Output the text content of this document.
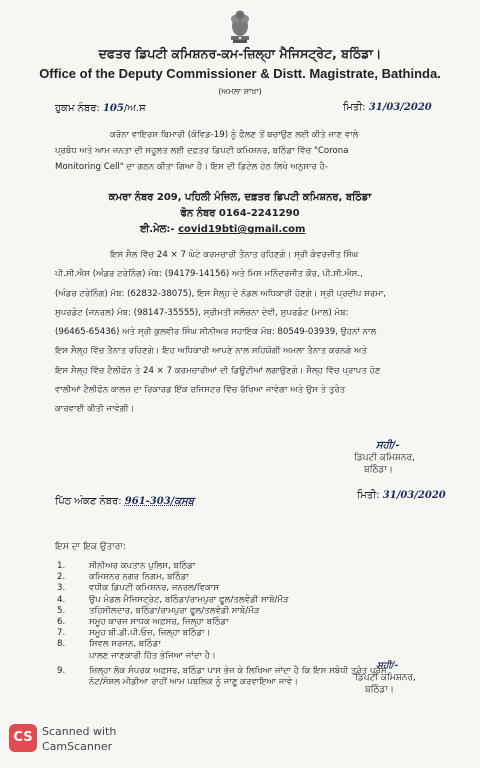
ਦਫਤਰ ਡਿਪਟੀ ਕਮਿਸ਼ਨਰ-ਕਮ-ਜ਼ਿਲ੍ਹਾ ਮੈਜਿਸਟ੍ਰੇਟ, ਬਠਿੰਡਾ।
Office of the Deputy Commissioner & Distt. Magistrate, Bathinda.
(ਅਮਲਾ ਸ਼ਾਖਾ)
ਹੁਕਮ ਨੰਬਰ: 105/ਅ.ਸ	ਮਿਤੀ: 31/03/2020
ਕਰੋਨਾ ਵਾਇਰਸ ਬਿਮਾਰੀ (ਕੋਵਿਡ-19) ਨੂੰ ਫੈਲਣ ਤੋਂ ਬਚਾਉਣ ਲਈ ਕੀਤੇ ਜਾਣ ਵਾਲੇ
ਪ੍ਰਬੰਧ ਅਤੇ ਆਮ ਜਨਤਾ ਦੀ ਸਹੂਲਤ ਲਈ ਦਫ਼ਤਰ ਡਿਪਟੀ ਕਮਿਸ਼ਨਰ, ਬਠਿੰਡਾ ਵਿੱਚ "Corona
Monitoring Cell" ਦਾ ਗਠਨ ਕੀਤਾ ਗਿਆ ਹੈ। ਇਸ ਦੀ ਡਿਟੇਲ ਹੇਠ ਲਿਖੇ ਅਨੁਸਾਰ ਹੈ-
ਕਮਰਾ ਨੰਬਰ 209, ਪਹਿਲੀ ਮੰਜ਼ਿਲ, ਦਫ਼ਤਰ ਡਿਪਟੀ ਕਮਿਸ਼ਨਰ, ਬਠਿੰਡਾ
ਫੋਨ ਨੰਬਰ 0164-2241290
ਈ.ਮੇਲ:- covid19bti@gmail.com
ਇਸ ਸੈਲ ਵਿੱਚ 24 × 7 ਘੰਟੇ ਕਰਮਚਾਰੀ ਤੈਨਾਤ ਰਹਿਣਗੇ। ਸ੍ਰੀ ਕੰਵਰਜੀਤ ਸਿੰਘ
ਪੀ.ਸੀ.ਐਸ (ਅੰਡਰ ਟਰੇਨਿੰਗ) ਮੋਬ: (94179-14156) ਅਤੇ ਮਿਸ ਮਨਿੰਦਰਜੀਤ ਕੌਰ, ਪੀ.ਸੀ.ਐਸ.,
(ਅੰਡਰ ਟਰੇਨਿੰਗ) ਮੋਬ: (62832-38075), ਇਸ ਸੈਲ੍ਹ ਦੇ ਨੋਡਲ ਅਧਿਕਾਰੀ ਹੋਣਗੇ। ਸ੍ਰੀ ਪ੍ਰਦੀਪ ਸ਼ਰਮਾ,
ਸੁਪਰਡੰਟ (ਜਨਰਲ) ਮੋਬ: (98147-35555), ਸ੍ਰੀਮਤੀ ਸਲੋਚਨਾ ਦੇਵੀ, ਸੁਪਰਡੰਟ (ਮਾਲ) ਮੋਬ:
(96465-65436) ਅਤੇ ਸ੍ਰੀ ਕੁਲਵੀਰ ਸਿੰਘ ਸੀਨੀਅਰ ਸਹਾਇਕ ਮੋਬ: 80549-03939, ਉਹਨਾਂ ਨਾਲ
ਇਸ ਸੈਲ੍ਹ ਵਿੱਚ ਤੈਨਾਤ ਰਹਿਣਗੇ। ਇਹ ਅਧਿਕਾਰੀ ਆਪਣੇ ਨਾਲ ਸਹਿਯੋਗੀ ਅਮਲਾ ਤੈਨਾਤ ਕਰਨਗੇ ਅਤੇ
ਇਸ ਸੈਲ੍ਹ ਵਿੱਚ ਟੈਲੀਫੋਨ ਤੇ 24 × 7 ਕਰਮਚਾਰੀਆਂ ਦੀ ਡਿਊਟੀਆਂ ਲਗਾਉਣਗੇ। ਸੈਲ੍ਹ ਵਿੱਚ ਪ੍ਰਾਪਤ ਹੋਣ
ਵਾਲੀਆਂ ਟੈਲੀਫੋਨ ਕਾਲਜ਼ ਦਾ ਰਿਕਾਰਡ ਇੱਕ ਰਜਿਸਟਰ ਵਿੱਚ ਰੱਖਿਆ ਜਾਵੇਗਾ ਅਤੇ ਉਸ ਤੇ ਤੁਰੰਤ
ਕਾਰਵਾਈ ਕੀਤੀ ਜਾਵੇਗੀ।
ਸਹੀ/-
ਡਿਪਟੀ ਕਮਿਸ਼ਨਰ,
ਬਠਿੰਡਾ।
ਪਿੱਠ ਅੰਕਣ ਨੰਬਰ: 961-303/ਕਸਬ
ਮਿਤੀ: 31/03/2020
ਇਸ ਦਾ ਇਕ ਉਤਾਰਾ:
1.	ਸੀਨੀਅਰ ਕਪਤਾਨ ਪੁਲਿਸ, ਬਠਿੰਡਾ
2.	ਕਮਿਸ਼ਨਰ ਨਗਰ ਨਿਗਮ, ਬਠਿੰਡਾ
3.	ਵਧੀਕ ਡਿਪਟੀ ਕਮਿਸ਼ਨਰ, ਜਨਰਲ/ਵਿਕਾਸ
4.	ਉਪ ਮੰਡਲ ਮੈਜਿਸਟ੍ਰੇਟ, ਬਠਿੰਡਾ/ਰਾਮਪੁਰਾ ਫੂਲ/ਤਲਵੰਡੀ ਸਾਬੋ/ਮੌੜ
5.	ਤਹਿਸੀਲਦਾਰ, ਬਠਿੰਡਾ/ਰਾਮਪੁਰਾ ਫੂਲ/ਤਲਵੰਡੀ ਸਾਬੋ/ਮੌੜ
6.	ਸਮੂਹ ਕਾਰਜ ਸਾਧਕ ਅਫ਼ਸਰ, ਜ਼ਿਲ੍ਹਾ ਬਠਿੰਡਾ
7.	ਸਮੂਹ ਬੀ.ਡੀ.ਪੀ.ਓਜ਼, ਜ਼ਿਲ੍ਹਾ ਬਠਿੰਡਾ।
8.	ਸਿਵਲ ਸਰਜਨ, ਬਠਿੰਡਾ
ਪਾਲਣ ਜਾਣਕਾਰੀ ਹਿੱਤ ਭੇਜਿਆ ਜਾਂਦਾ ਹੈ।
9.	ਜ਼ਿਲ੍ਹਾ ਲੋਕ ਸੰਪਰਕ ਅਫ਼ਸਰ, ਬਠਿੰਡਾ ਪਾਸ ਭੇਜ ਕੇ ਲਿਖਿਆ ਜਾਂਦਾ ਹੈ ਕਿ ਇਸ ਸਬੰਧੀ ਤੁਰੰਤ ਪ੍ਰੈਸ
ਨੋਟ/ਸੋਸ਼ਲ ਮੀਡੀਆ ਰਾਹੀਂ ਆਮ ਪਬਲਿਕ ਨੂੰ ਜਾਣੂ ਕਰਵਾਇਆ ਜਾਵੇ।
ਸਹੀ/-
ਡਿਪਟੀ ਕਮਿਸ਼ਨਰ,
ਬਠਿੰਡਾ।
CS Scanned with
CamScanner
